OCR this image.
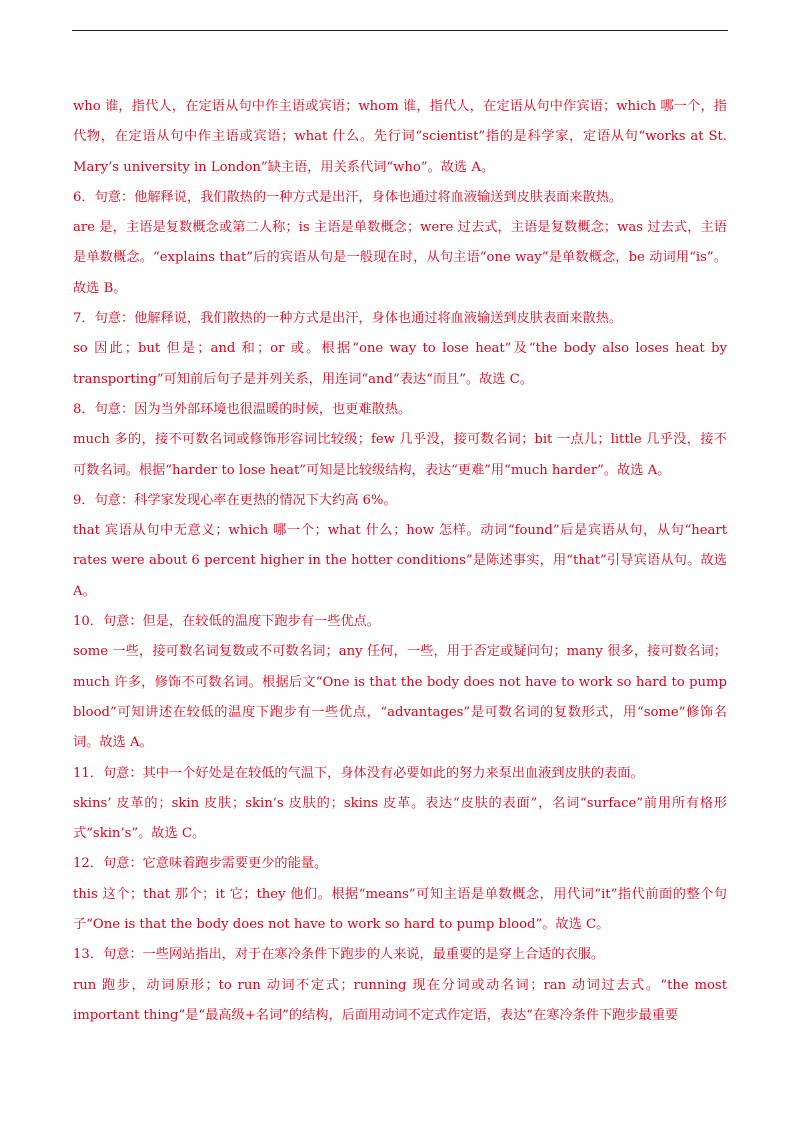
who 谁，指代人，在定语从句中作主语或宾语；whom 谁，指代人，在定语从句中作宾语；which 哪一个，指代物，在定语从句中作主语或宾语；what 什么。先行词“scientist”指的是科学家，定语从句“works at St. Mary’s university in London”缺主语，用关系代词“who”。故选 A。

6．句意：他解释说，我们散热的一种方式是出汗，身体也通过将血液输送到皮肤表面来散热。

are 是，主语是复数概念或第二人称；is 主语是单数概念；were 过去式，主语是复数概念；was 过去式，主语是单数概念。“explains that”后的宾语从句是一般现在时，从句主语“one way”是单数概念，be 动词用“is”。故选 B。

7．句意：他解释说，我们散热的一种方式是出汗，身体也通过将血液输送到皮肤表面来散热。

so 因此；but 但是；and 和；or 或。根据“one way to lose heat”及“the body also loses heat by transporting”可知前后句子是并列关系，用连词“and”表达“而且”。故选 C。

8．句意：因为当外部环境也很温暖的时候，也更难散热。

much 多的，接不可数名词或修饰形容词比较级；few 几乎没，接可数名词；bit 一点儿；little 几乎没，接不可数名词。根据“harder to lose heat”可知是比较级结构，表达“更难”用“much harder”。故选 A。

9．句意：科学家发现心率在更热的情况下大约高 6%。

that 宾语从句中无意义；which 哪一个；what 什么；how 怎样。动词“found”后是宾语从句，从句“heart rates were about 6 percent higher in the hotter conditions”是陈述事实，用“that”引导宾语从句。故选 A。

10．句意：但是，在较低的温度下跑步有一些优点。

some 一些，接可数名词复数或不可数名词；any 任何，一些，用于否定或疑问句；many 很多，接可数名词；much 许多，修饰不可数名词。根据后文“One is that the body does not have to work so hard to pump blood”可知讲述在较低的温度下跑步有一些优点，“advantages”是可数名词的复数形式，用“some”修饰名词。故选 A。

11．句意：其中一个好处是在较低的气温下，身体没有必要如此的努力来泵出血液到皮肤的表面。

skins’ 皮革的；skin 皮肤；skin’s 皮肤的；skins 皮革。表达“皮肤的表面”，名词“surface”前用所有格形式“skin’s”。故选 C。

12．句意：它意味着跑步需要更少的能量。

this 这个；that 那个；it 它；they 他们。根据“means”可知主语是单数概念，用代词“it”指代前面的整个句子“One is that the body does not have to work so hard to pump blood”。故选 C。

13．句意：一些网站指出，对于在寒冷条件下跑步的人来说，最重要的是穿上合适的衣服。

run 跑步，动词原形；to run 动词不定式；running 现在分词或动名词；ran 动词过去式。“the most important thing”是“最高级+名词”的结构，后面用动词不定式作定语，表达“在寒冷条件下跑步最重要
